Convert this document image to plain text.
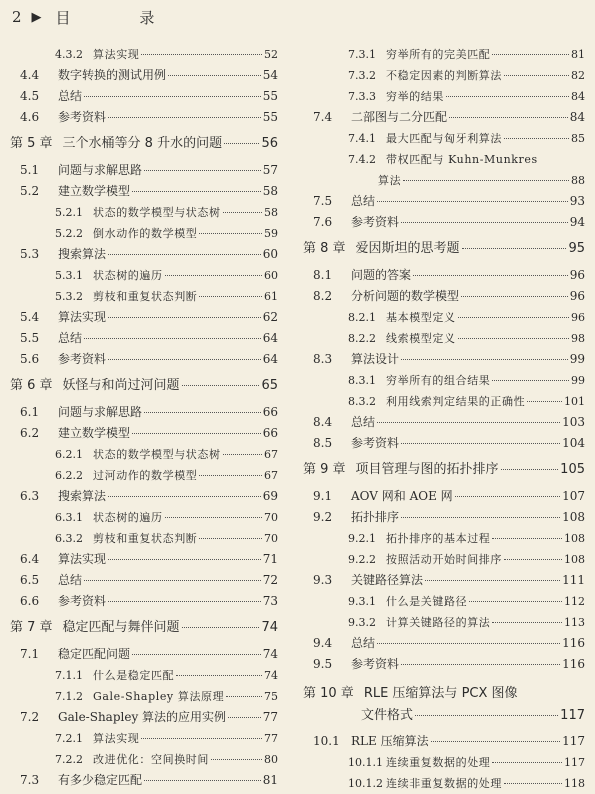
2 ▶ 目 录
4.3.2 算法实现	52
4.4	数字转换的测试用例	54
4.5	总结	55
4.6	参考资料	55
第 5 章 三个水桶等分 8 升水的问题	56
5.1	问题与求解思路	57
5.2	建立数学模型	58
5.2.1 状态的数学模型与状态树	58
5.2.2 倒水动作的数学模型	59
5.3	搜索算法	60
5.3.1 状态树的遍历	60
5.3.2 剪枝和重复状态判断	61
5.4	算法实现	62
5.5	总结	64
5.6	参考资料	64
第 6 章 妖怪与和尚过河问题	65
6.1	问题与求解思路	66
6.2	建立数学模型	66
6.2.1 状态的数学模型与状态树	67
6.2.2 过河动作的数学模型	67
6.3	搜索算法	69
6.3.1 状态树的遍历	70
6.3.2 剪枝和重复状态判断	70
6.4	算法实现	71
6.5	总结	72
6.6	参考资料	73
第 7 章 稳定匹配与舞伴问题	74
7.1	稳定匹配问题	74
7.1.1 什么是稳定匹配	74
7.1.2 Gale-Shapley 算法原理	75
7.2	Gale-Shapley 算法的应用实例	77
7.2.1 算法实现	77
7.2.2 改进优化：空间换时间	80
7.3	有多少稳定匹配	81
7.3.1 穷举所有的完美匹配	81
7.3.2 不稳定因素的判断算法	82
7.3.3 穷举的结果	84
7.4	二部图与二分匹配	84
7.4.1 最大匹配与匈牙利算法	85
7.4.2 带权匹配与 Kuhn-Munkres
算法	88
7.5	总结	93
7.6	参考资料	94
第 8 章 爱因斯坦的思考题	95
8.1	问题的答案	96
8.2	分析问题的数学模型	96
8.2.1 基本模型定义	96
8.2.2 线索模型定义	98
8.3	算法设计	99
8.3.1 穷举所有的组合结果	99
8.3.2 利用线索判定结果的正确性	101
8.4	总结	103
8.5	参考资料	104
第 9 章 项目管理与图的拓扑排序	105
9.1	AOV 网和 AOE 网	107
9.2	拓扑排序	108
9.2.1 拓扑排序的基本过程	108
9.2.2 按照活动开始时间排序	108
9.3	关键路径算法	111
9.3.1 什么是关键路径	112
9.3.2 计算关键路径的算法	113
9.4	总结	116
9.5	参考资料	116
第 10 章 RLE 压缩算法与 PCX 图像
文件格式	117
10.1 RLE 压缩算法	117
10.1.1 连续重复数据的处理	117
10.1.2 连续非重复数据的处理	118
